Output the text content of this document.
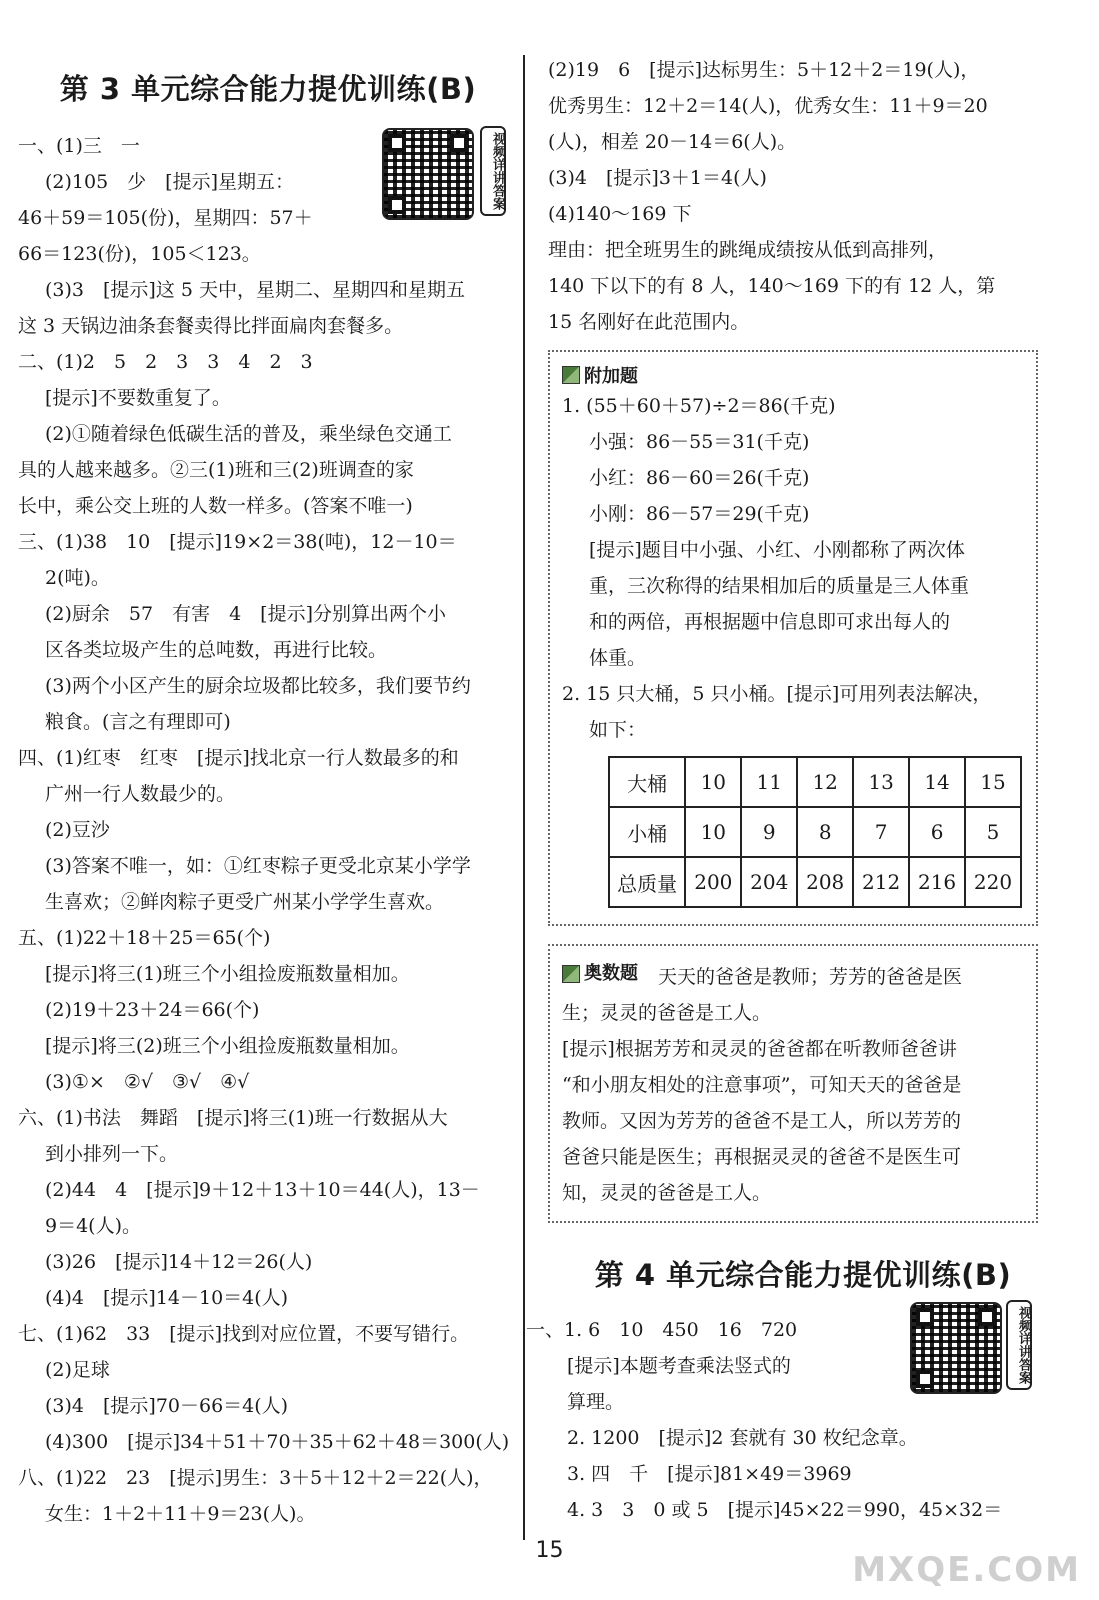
第 3 单元综合能力提优训练(B)
一、(1)三　一
(2)105　少　[提示]星期五：
46＋59＝105(份)，星期四：57＋
66＝123(份)，105＜123。
(3)3　[提示]这 5 天中，星期二、星期四和星期五
这 3 天锅边油条套餐卖得比拌面扁肉套餐多。
二、(1)2　5　2　3　3　4　2　3
[提示]不要数重复了。
(2)①随着绿色低碳生活的普及，乘坐绿色交通工
具的人越来越多。②三(1)班和三(2)班调查的家
长中，乘公交上班的人数一样多。(答案不唯一)
三、(1)38　10　[提示]19×2＝38(吨)，12－10＝
2(吨)。
(2)厨余　57　有害　4　[提示]分别算出两个小
区各类垃圾产生的总吨数，再进行比较。
(3)两个小区产生的厨余垃圾都比较多，我们要节约
粮食。(言之有理即可)
四、(1)红枣　红枣　[提示]找北京一行人数最多的和
广州一行人数最少的。
(2)豆沙
(3)答案不唯一，如：①红枣粽子更受北京某小学学
生喜欢；②鲜肉粽子更受广州某小学学生喜欢。
五、(1)22＋18＋25＝65(个)
[提示]将三(1)班三个小组捡废瓶数量相加。
(2)19＋23＋24＝66(个)
[提示]将三(2)班三个小组捡废瓶数量相加。
(3)①×　②√　③√　④√
六、(1)书法　舞蹈　[提示]将三(1)班一行数据从大
到小排列一下。
(2)44　4　[提示]9＋12＋13＋10＝44(人)，13－
9＝4(人)。
(3)26　[提示]14＋12＝26(人)
(4)4　[提示]14－10＝4(人)
七、(1)62　33　[提示]找到对应位置，不要写错行。
(2)足球
(3)4　[提示]70－66＝4(人)
(4)300　[提示]34＋51＋70＋35＋62＋48＝300(人)
八、(1)22　23　[提示]男生：3＋5＋12＋2＝22(人)，
女生：1＋2＋11＋9＝23(人)。
视频详讲答案
(2)19　6　[提示]达标男生：5＋12＋2＝19(人)，
优秀男生：12＋2＝14(人)，优秀女生：11＋9＝20
(人)，相差 20－14＝6(人)。
(3)4　[提示]3＋1＝4(人)
(4)140～169 下
理由：把全班男生的跳绳成绩按从低到高排列，
140 下以下的有 8 人，140～169 下的有 12 人，第
15 名刚好在此范围内。
附加题
1. (55＋60＋57)÷2＝86(千克)
小强：86－55＝31(千克)
小红：86－60＝26(千克)
小刚：86－57＝29(千克)
[提示]题目中小强、小红、小刚都称了两次体
重，三次称得的结果相加后的质量是三人体重
和的两倍，再根据题中信息即可求出每人的
体重。
2. 15 只大桶，5 只小桶。[提示]可用列表法解决，
如下：
大桶	10	11	12	13	14	15
小桶	10	9	8	7	6	5
总质量	200	204	208	212	216	220
奥数题 天天的爸爸是教师；芳芳的爸爸是医
生；灵灵的爸爸是工人。
[提示]根据芳芳和灵灵的爸爸都在听教师爸爸讲
“和小朋友相处的注意事项”，可知天天的爸爸是
教师。又因为芳芳的爸爸不是工人，所以芳芳的
爸爸只能是医生；再根据灵灵的爸爸不是医生可
知，灵灵的爸爸是工人。
第 4 单元综合能力提优训练(B)
一、1. 6　10　450　16　720
[提示]本题考查乘法竖式的
算理。
2. 1200　[提示]2 套就有 30 枚纪念章。
3. 四　千　[提示]81×49＝3969
4. 3　3　0 或 5　[提示]45×22＝990，45×32＝
视频详讲答案
15	MXQE.COM
